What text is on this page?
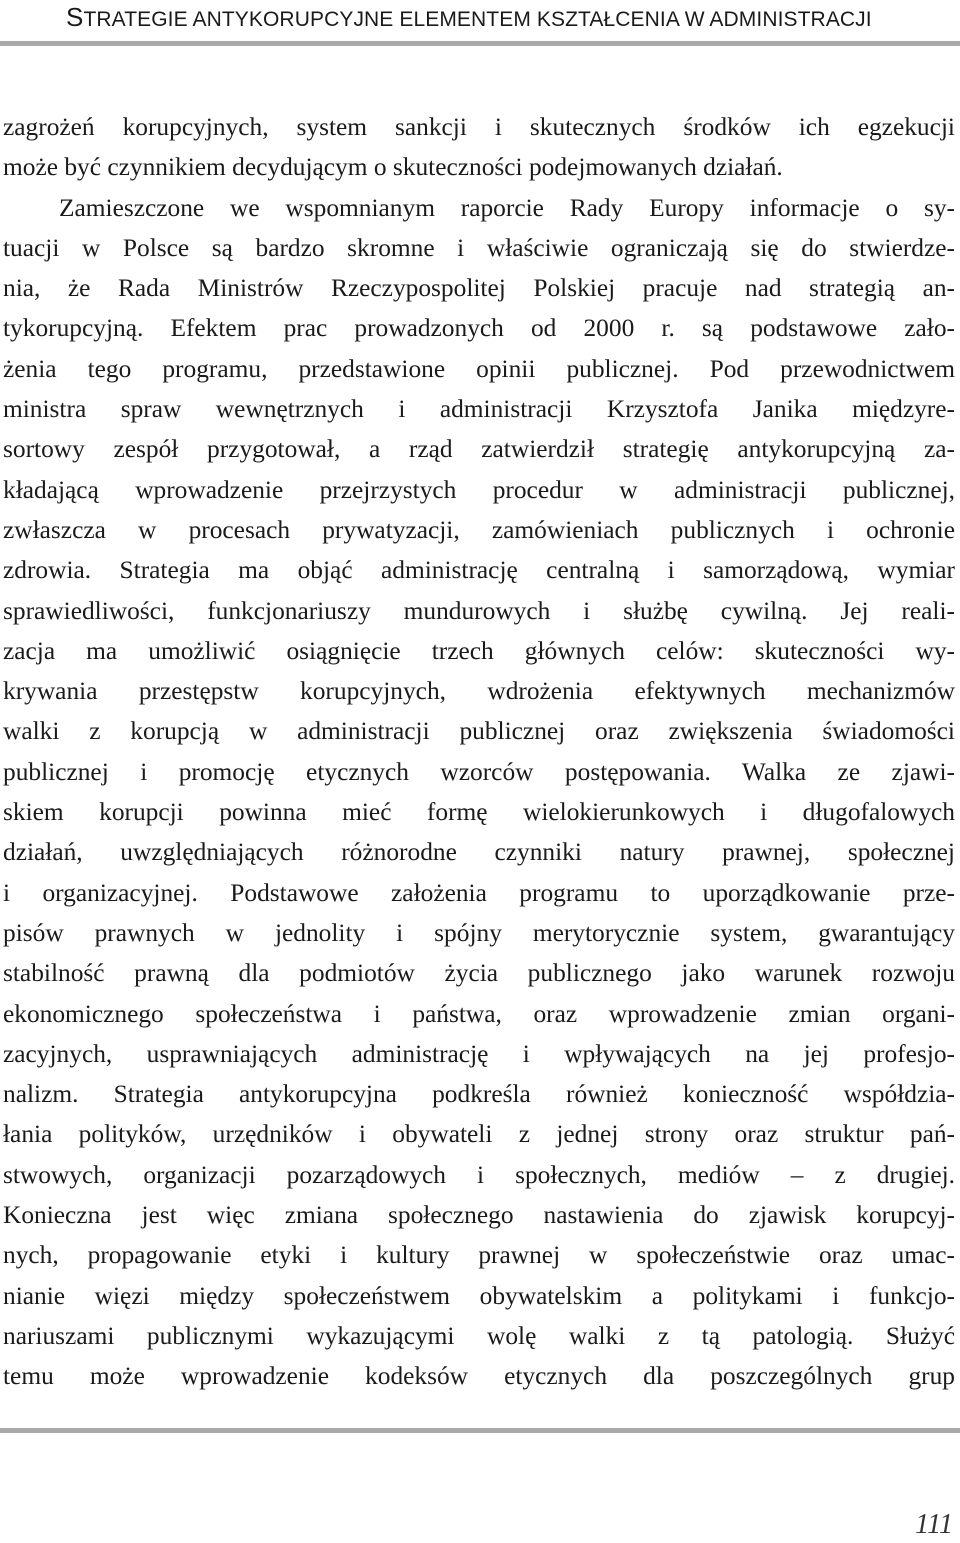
STRATEGIE ANTYKORUPCYJNE ELEMENTEM KSZTAŁCENIA W ADMINISTRACJI

zagrożeń korupcyjnych, system sankcji i skutecznych środków ich egzekucji
może być czynnikiem decydującym o skuteczności podejmowanych działań.

Zamieszczone we wspomnianym raporcie Rady Europy informacje o sy-
tuacji w Polsce są bardzo skromne i właściwie ograniczają się do stwierdze-
nia, że Rada Ministrów Rzeczypospolitej Polskiej pracuje nad strategią an-
tykorupcyjną. Efektem prac prowadzonych od 2000 r. są podstawowe zało-
żenia tego programu, przedstawione opinii publicznej. Pod przewodnictwem
ministra spraw wewnętrznych i administracji Krzysztofa Janika międzyre-
sortowy zespół przygotował, a rząd zatwierdził strategię antykorupcyjną za-
kładającą wprowadzenie przejrzystych procedur w administracji publicznej,
zwłaszcza w procesach prywatyzacji, zamówieniach publicznych i ochronie
zdrowia. Strategia ma objąć administrację centralną i samorządową, wymiar
sprawiedliwości, funkcjonariuszy mundurowych i służbę cywilną. Jej reali-
zacja ma umożliwić osiągnięcie trzech głównych celów: skuteczności wy-
krywania przestępstw korupcyjnych, wdrożenia efektywnych mechanizmów
walki z korupcją w administracji publicznej oraz zwiększenia świadomości
publicznej i promocję etycznych wzorców postępowania. Walka ze zjawi-
skiem korupcji powinna mieć formę wielokierunkowych i długofalowych
działań, uwzględniających różnorodne czynniki natury prawnej, społecznej
i organizacyjnej. Podstawowe założenia programu to uporządkowanie prze-
pisów prawnych w jednolity i spójny merytorycznie system, gwarantujący
stabilność prawną dla podmiotów życia publicznego jako warunek rozwoju
ekonomicznego społeczeństwa i państwa, oraz wprowadzenie zmian organi-
zacyjnych, usprawniających administrację i wpływających na jej profesjo-
nalizm. Strategia antykorupcyjna podkreśla również konieczność współdzia-
łania polityków, urzędników i obywateli z jednej strony oraz struktur pań-
stwowych, organizacji pozarządowych i społecznych, mediów – z drugiej.
Konieczna jest więc zmiana społecznego nastawienia do zjawisk korupcyj-
nych, propagowanie etyki i kultury prawnej w społeczeństwie oraz umac-
nianie więzi między społeczeństwem obywatelskim a politykami i funkcjo-
nariuszami publicznymi wykazującymi wolę walki z tą patologią. Służyć
temu może wprowadzenie kodeksów etycznych dla poszczególnych grup

111
